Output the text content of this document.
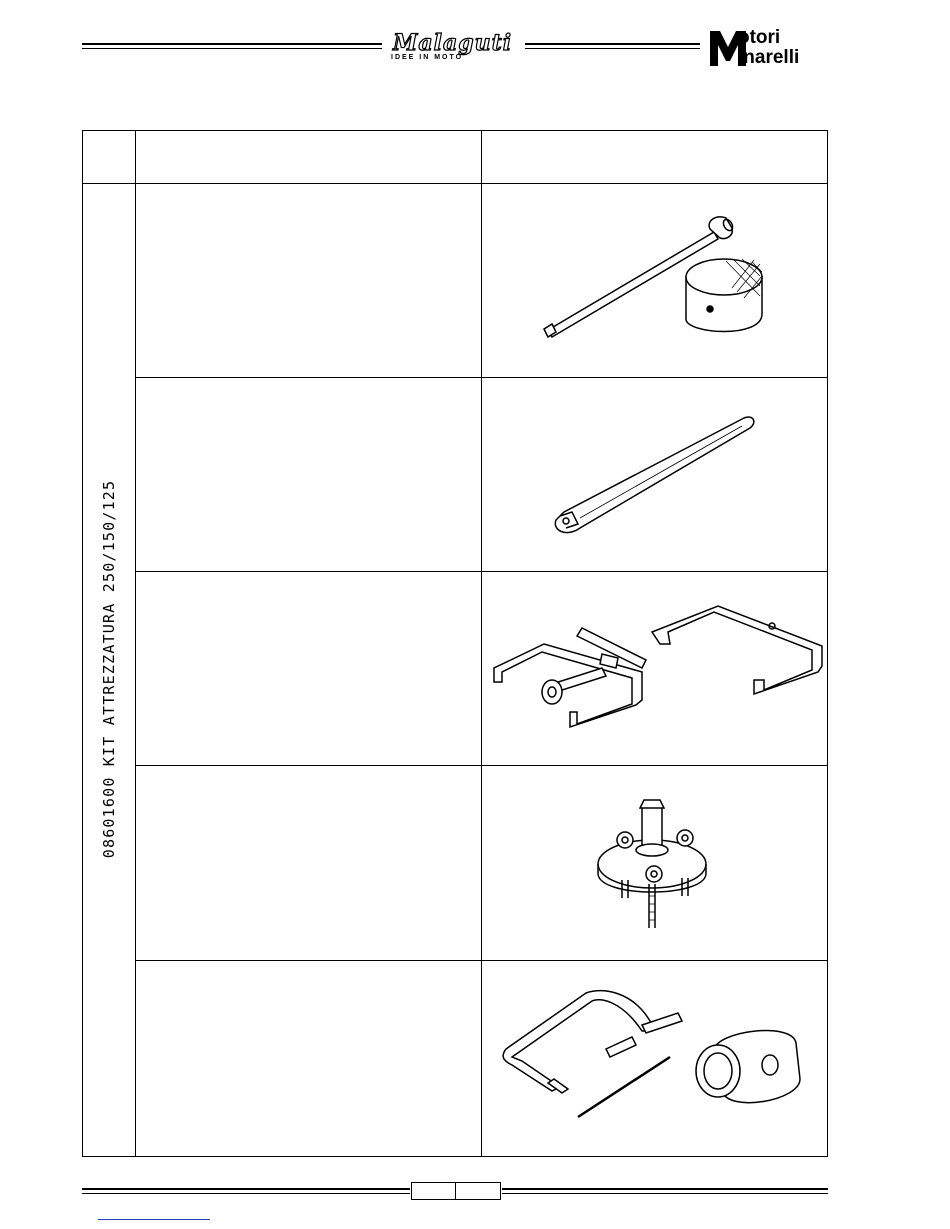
Malaguti
IDEE IN MOTO
otori
inarelli
08601600 KIT ATTREZZATURA 250/150/125
